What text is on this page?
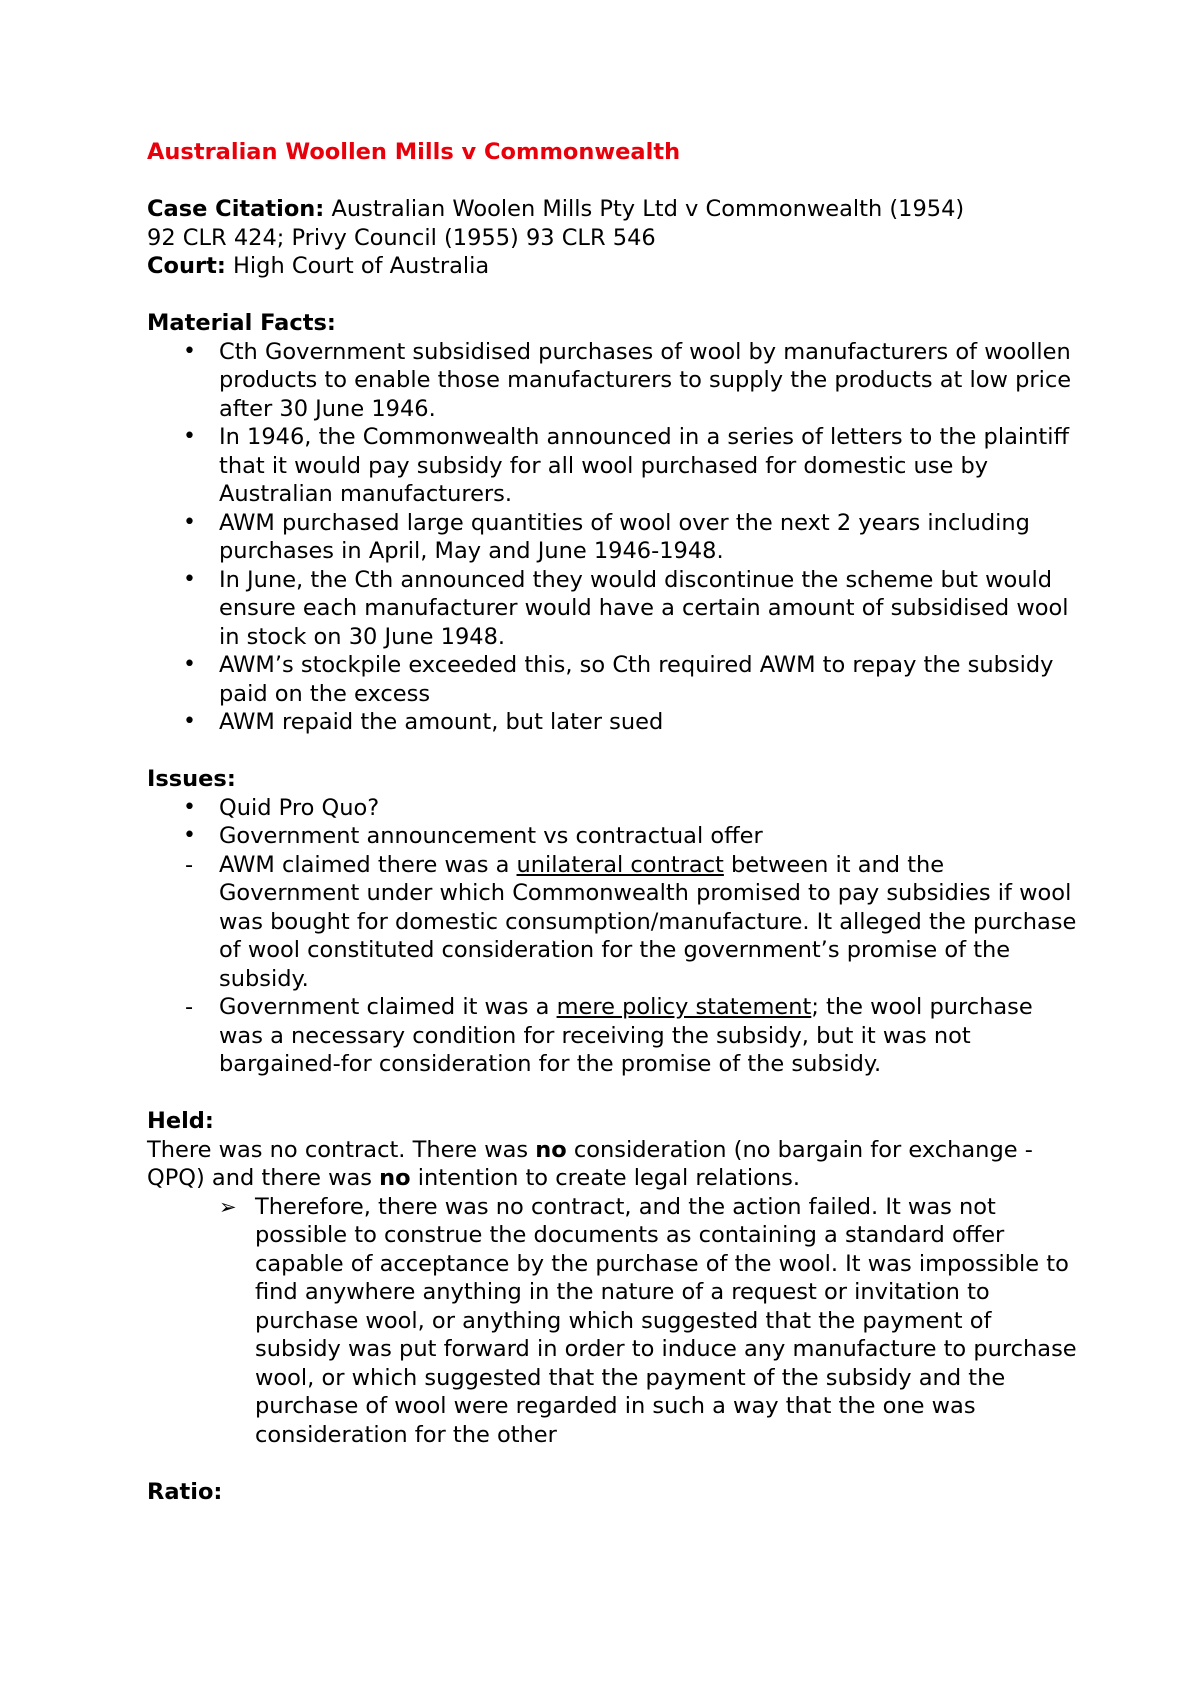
Australian Woollen Mills v Commonwealth

Case Citation: Australian Woolen Mills Pty Ltd v Commonwealth (1954)
92 CLR 424; Privy Council (1955) 93 CLR 546

Court: High Court of Australia

Material Facts:

•	Cth Government subsidised purchases of wool by manufacturers of woollen products to enable those manufacturers to supply the products at low price after 30 June 1946.
•	In 1946, the Commonwealth announced in a series of letters to the plaintiff that it would pay subsidy for all wool purchased for domestic use by Australian manufacturers.
•	AWM purchased large quantities of wool over the next 2 years including purchases in April, May and June 1946-1948.
•	In June, the Cth announced they would discontinue the scheme but would ensure each manufacturer would have a certain amount of subsidised wool in stock on 30 June 1948.
•	AWM’s stockpile exceeded this, so Cth required AWM to repay the subsidy paid on the excess
•	AWM repaid the amount, but later sued

Issues:

•	Quid Pro Quo?
•	Government announcement vs contractual offer
-	AWM claimed there was a unilateral contract between it and the Government under which Commonwealth promised to pay subsidies if wool was bought for domestic consumption/manufacture. It alleged the purchase of wool constituted consideration for the government’s promise of the subsidy.
-	Government claimed it was a mere policy statement; the wool purchase was a necessary condition for receiving the subsidy, but it was not bargained-for consideration for the promise of the subsidy.

Held:

There was no contract. There was no consideration (no bargain for exchange - QPQ) and there was no intention to create legal relations.

➢ Therefore, there was no contract, and the action failed. It was not possible to construe the documents as containing a standard offer capable of acceptance by the purchase of the wool. It was impossible to find anywhere anything in the nature of a request or invitation to purchase wool, or anything which suggested that the payment of subsidy was put forward in order to induce any manufacture to purchase wool, or which suggested that the payment of the subsidy and the purchase of wool were regarded in such a way that the one was consideration for the other

Ratio:
